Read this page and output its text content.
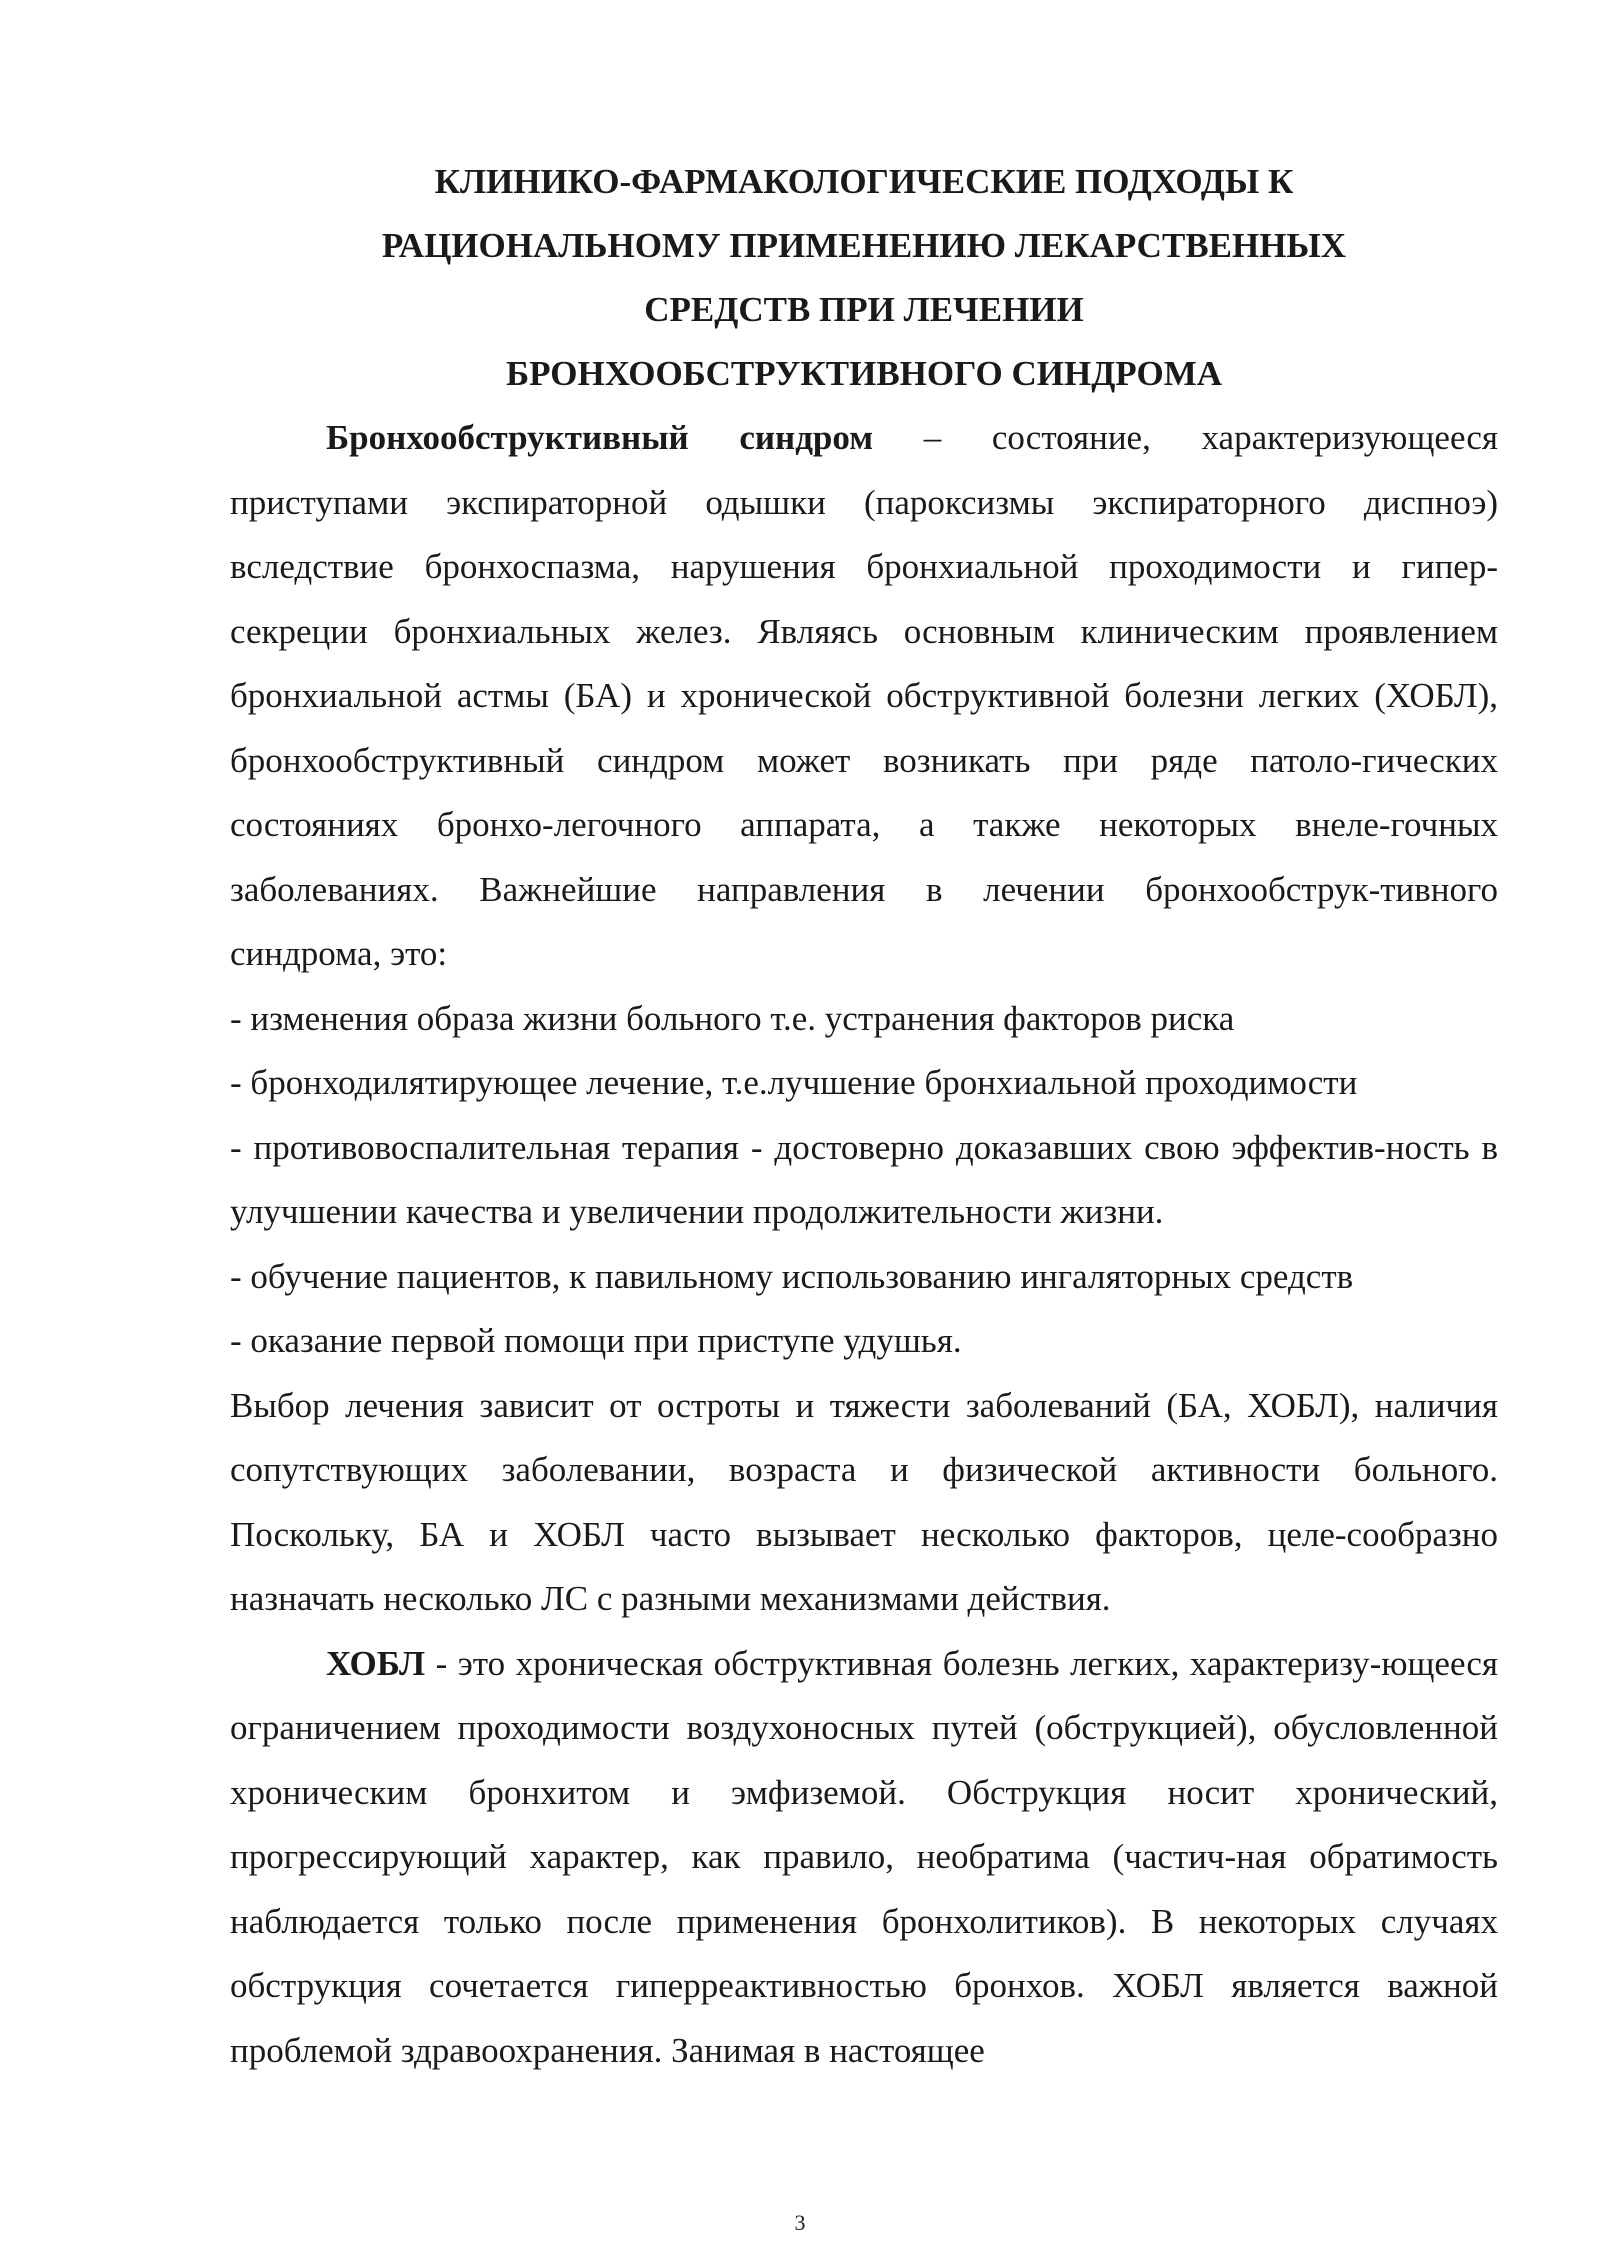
КЛИНИКО-ФАРМАКОЛОГИЧЕСКИЕ ПОДХОДЫ К
РАЦИОНАЛЬНОМУ ПРИМЕНЕНИЮ ЛЕКАРСТВЕННЫХ
СРЕДСТВ ПРИ ЛЕЧЕНИИ
БРОНХООБСТРУКТИВНОГО СИНДРОМА

Бронхообструктивный синдром – состояние, характеризующееся приступами экспираторной одышки (пароксизмы экспираторного диспноэ) вследствие бронхоспазма, нарушения бронхиальной проходимости и гипер-секреции бронхиальных желез. Являясь основным клиническим проявлением бронхиальной астмы (БА) и хронической обструктивной болезни легких (ХОБЛ), бронхообструктивный синдром может возникать при ряде патоло-гических состояниях бронхо-легочного аппарата, а также некоторых внеле-гочных заболеваниях. Важнейшие направления в лечении бронхообструк-тивного синдрома, это:

- изменения образа жизни больного т.е. устранения факторов риска

- бронходилятирующее лечение, т.е.лучшение бронхиальной проходимости

- противовоспалительная терапия - достоверно доказавших свою эффектив-ность в улучшении качества и увеличении продолжительности жизни.

- обучение пациентов, к павильному использованию ингаляторных средств

- оказание первой помощи при приступе удушья.

Выбор лечения зависит от остроты и тяжести заболеваний (БА, ХОБЛ), наличия сопутствующих заболевании, возраста и физической активности больного. Поскольку, БА и ХОБЛ часто вызывает несколько факторов, целе-сообразно назначать несколько ЛС с разными механизмами действия.

ХОБЛ - это хроническая обструктивная болезнь легких, характеризу-ющееся ограничением проходимости воздухоносных путей (обструкцией), обусловленной хроническим бронхитом и эмфиземой. Обструкция носит хронический, прогрессирующий характер, как правило, необратима (частич-ная обратимость наблюдается только после применения бронхолитиков). В некоторых случаях обструкция сочетается гиперреактивностью бронхов. ХОБЛ является важной проблемой здравоохранения. Занимая в настоящее

3
